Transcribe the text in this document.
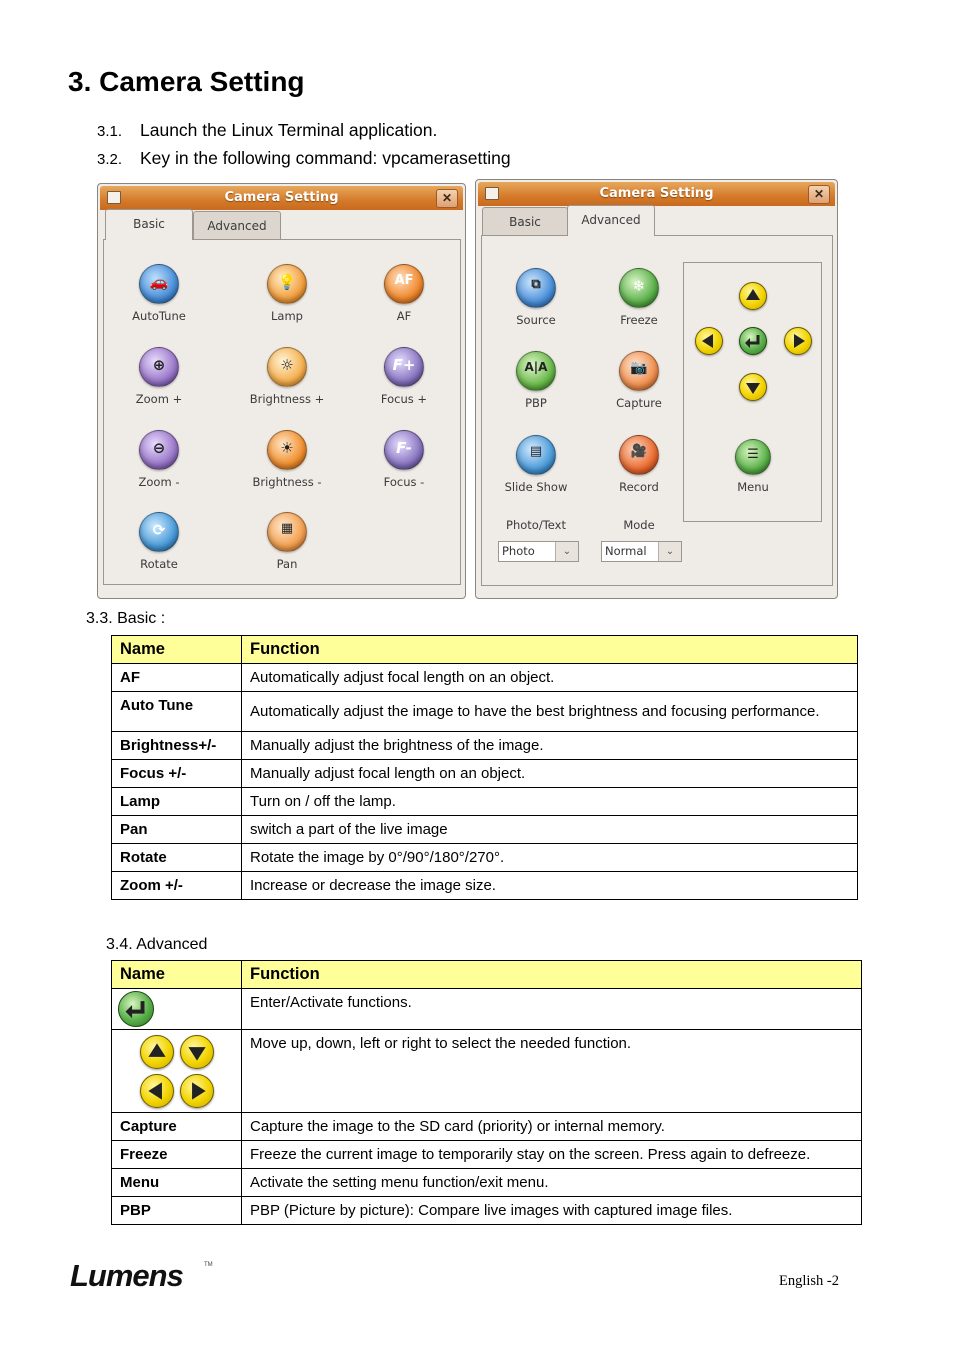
3. Camera Setting
3.1. Launch the Linux Terminal application.
3.2. Key in the following command: vpcamerasetting
Camera Setting	✕
Basic	Advanced
🚗
AutoTune
💡
Lamp
AF
AF
⊕
Zoom +
☼
Brightness +
F+
Focus +
⊖
Zoom -
☀
Brightness -
F-
Focus -
⟳
Rotate
▦
Pan
Camera Setting	✕
Basic	Advanced
⧉
Source
❄
Freeze
A|A
PBP
📷
Capture
▤
Slide Show
🎥
Record
Photo/Text	Mode
Photo	⌄	Normal	⌄
☰
Menu
3.3. Basic :
Name	Function
AF	Automatically adjust focal length on an object.
Auto Tune	Automatically adjust the image to have the best brightness and focusing performance.
Brightness+/-	Manually adjust the brightness of the image.
Focus +/-	Manually adjust focal length on an object.
Lamp	Turn on / off the lamp.
Pan	switch a part of the live image
Rotate	Rotate the image by 0°/90°/180°/270°.
Zoom +/-	Increase or decrease the image size.
3.4. Advanced
Name	Function

	Enter/Activate functions.

	Move up, down, left or right to select the needed function.
Capture	Capture the image to the SD card (priority) or internal memory.
Freeze	Freeze the current image to temporarily stay on the screen. Press again to defreeze.
Menu	Activate the setting menu function/exit menu.
PBP	PBP (Picture by picture): Compare live images with captured image files.
Lumens	TM
English -2
